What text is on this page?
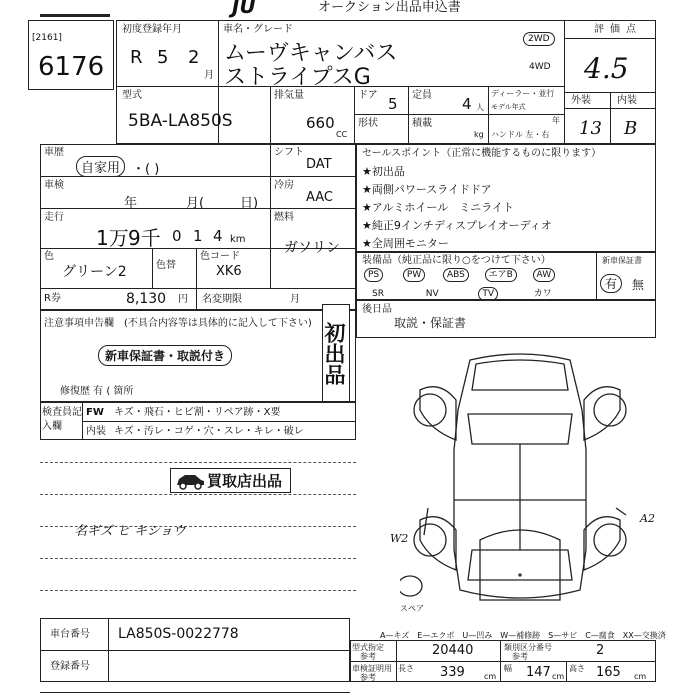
JU	オークション出品申込書
[2161]
6176
初度登録年月
R 5 2
月
車名・グレード
ムーヴキャンバス
ストライプスG
2WD
4WD
評価点
4.5
外装	内装
13 B
型式
5BA-LA850S
排気量
660
CC
ドア 5 定員 4 人
ディーラー・並行
モデル年式
年
ハンドル 左・右
形状	積載
kg
車歴
自家用 ・( )
シフト
DAT
車検
年	月(	日)
冷房
AAC
走行
1万 9千 0 1 4 km
燃料
ガソリン
色
グリーン2	色替
色コード
XK6
R券	8,130 円 名変期限	月
注意事項申告欄 (不具合内容等は具体的に記入して下さい)
新車保証書・取説付き
修復歴 有 ( 箇所
初出品
セールスポイント（正常に機能するものに限ります）
★初出品
★両側パワースライドドア
★アルミホイール　ミニライト
★純正9インチディスプレイオーディオ
★全周囲モニター
装備品（純正品に限り○をつけて下さい）
PS	PW	ABS	エアB	AW
SR	NV	TV	カワ
新車保証書
有	無
後日品
取説・保証書
検査員記入欄
FW キズ・飛石・ヒビ割・リペア跡・X要
内装 キズ・汚レ・コゲ・穴・スレ・キレ・破レ
買取店出品
名ギズ ヒ キショウ	W2
A2
スペア
A—キズ　E—エクボ　U—凹み　W—補修跡　S—サビ　C—腐食　XX—交換済
車台番号 LA850S-0022778
登録番号
型式指定
参考	20440	類別区分番号
参考	2
車検証明用
参考
長さ 339 cm
幅 147 cm
高さ 165 cm
